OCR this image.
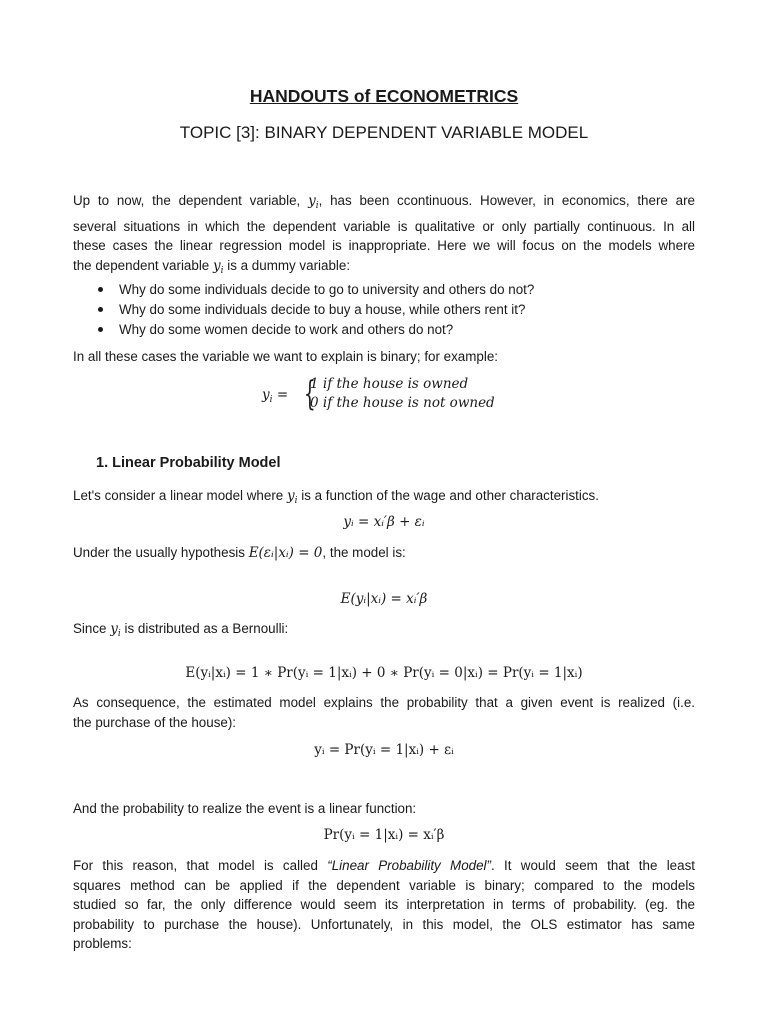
HANDOUTS of ECONOMETRICS
TOPIC [3]: BINARY DEPENDENT VARIABLE MODEL
Up to now, the dependent variable, $y_i$, has been ccontinuous. However, in economics, there are
several situations in which the dependent variable is qualitative or only partially continuous. In all
these cases the linear regression model is inappropriate. Here we will focus on the models where
the dependent variable $y_i$ is a dummy variable:
Why do some individuals decide to go to university and others do not?
Why do some individuals decide to buy a house, while others rent it?
Why do some women decide to work and others do not?
In all these cases the variable we want to explain is binary; for example:
$y_i$ = {
1 if the house is owned
0 if the house is not owned
1. Linear Probability Model
Let's consider a linear model where $y_i$ is a function of the wage and other characteristics.
yᵢ = xᵢ′β + εᵢ
Under the usually hypothesis E(εᵢ|xᵢ) = 0, the model is:
E(yᵢ|xᵢ) = xᵢ′β
Since $y_i$ is distributed as a Bernoulli:
E(yᵢ|xᵢ) = 1 ∗ Pr(yᵢ = 1|xᵢ) + 0 ∗ Pr(yᵢ = 0|xᵢ) = Pr(yᵢ = 1|xᵢ)
As consequence, the estimated model explains the probability that a given event is realized (i.e.
the purchase of the house):
yᵢ = Pr(yᵢ = 1|xᵢ) + εᵢ
And the probability to realize the event is a linear function:
Pr(yᵢ = 1|xᵢ) = xᵢ′β
For this reason, that model is called “Linear Probability Model”. It would seem that the least
squares method can be applied if the dependent variable is binary; compared to the models
studied so far, the only difference would seem its interpretation in terms of probability. (eg. the
probability to purchase the house). Unfortunately, in this model, the OLS estimator has same
problems:
